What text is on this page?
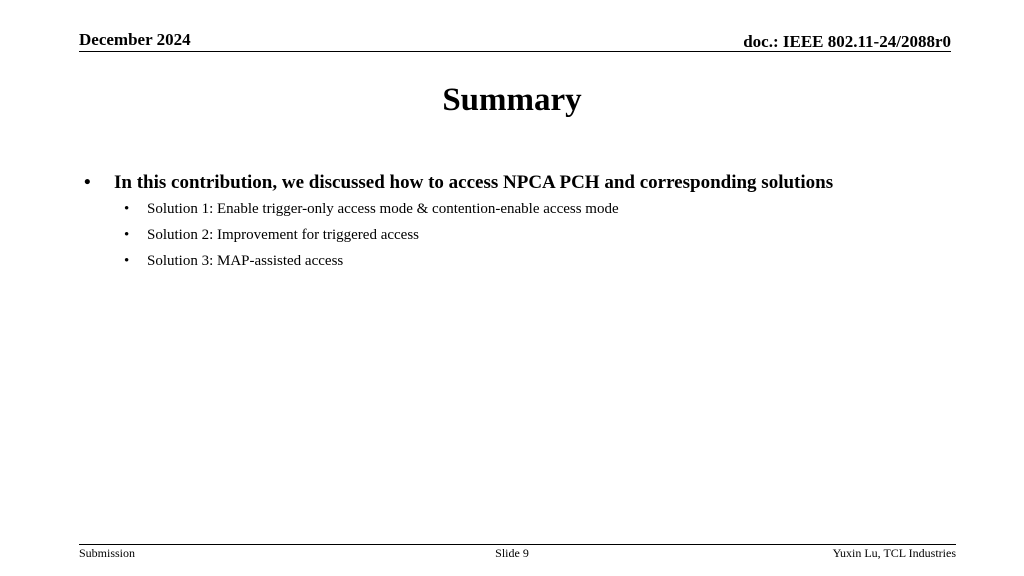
December 2024	doc.: IEEE 802.11-24/2088r0
Summary
• In this contribution, we discussed how to access NPCA PCH and corresponding solutions
• Solution 1: Enable trigger-only access mode & contention-enable access mode
• Solution 2: Improvement for triggered access
• Solution 3: MAP-assisted access
Submission	Slide 9	Yuxin Lu, TCL Industries
